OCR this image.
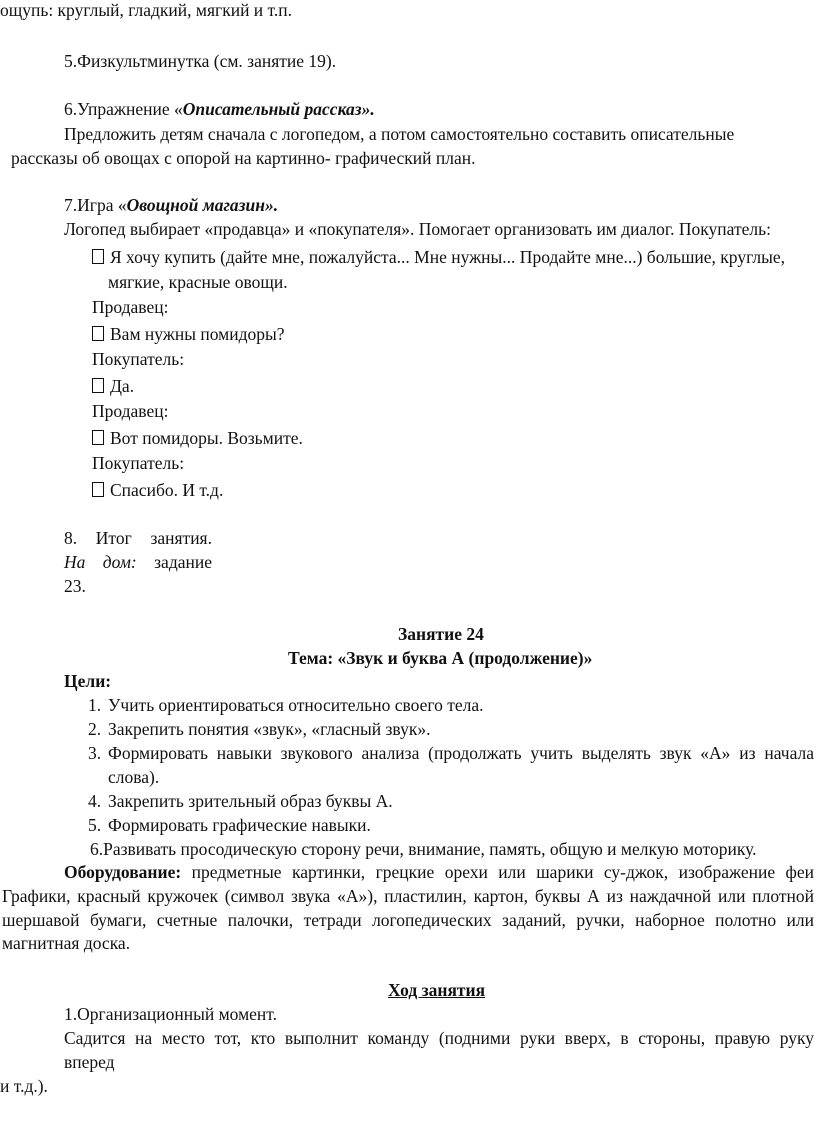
ощупь: круглый, гладкий, мягкий и т.п.
5.Физкультминутка (см. занятие 19).
6.Упражнение «Описательный рассказ».
Предложить детям сначала с логопедом, а потом самостоятельно составить описательные
рассказы об овощах с опорой на картинно- графический план.
7.Игра «Овощной магазин».
Логопед выбирает «продавца» и «покупателя». Помогает организовать им диалог. Покупатель:
Я хочу купить (дайте мне, пожалуйста... Мне нужны... Продайте мне...) большие, круглые,
мягкие, красные овощи.
Продавец:
Вам нужны помидоры?
Покупатель:
Да.
Продавец:
Вот помидоры. Возьмите.
Покупатель:
Спасибо. И т.д.
8. Итог занятия.
На дом: задание
23.
Занятие 24
Тема: «Звук и буква А (продолжение)»
Цели:
1. Учить ориентироваться относительно своего тела.
2. Закрепить понятия «звук», «гласный звук».
3. Формировать навыки звукового анализа (продолжать учить выделять звук «А» из начала
слова).
4. Закрепить зрительный образ буквы А.
5. Формировать графические навыки.
6.Развивать просодическую сторону речи, внимание, память, общую и мелкую моторику.
Оборудование: предметные картинки, грецкие орехи или шарики су-джок, изображение феи
Графики, красный кружочек (символ звука «А»), пластилин, картон, буквы А из наждачной или плотной
шершавой бумаги, счетные палочки, тетради логопедических заданий, ручки, наборное полотно или
магнитная доска.
Ход занятия
1.Организационный момент.
Садится на место тот, кто выполнит команду (подними руки вверх, в стороны, правую руку
вперед
и т.д.).
